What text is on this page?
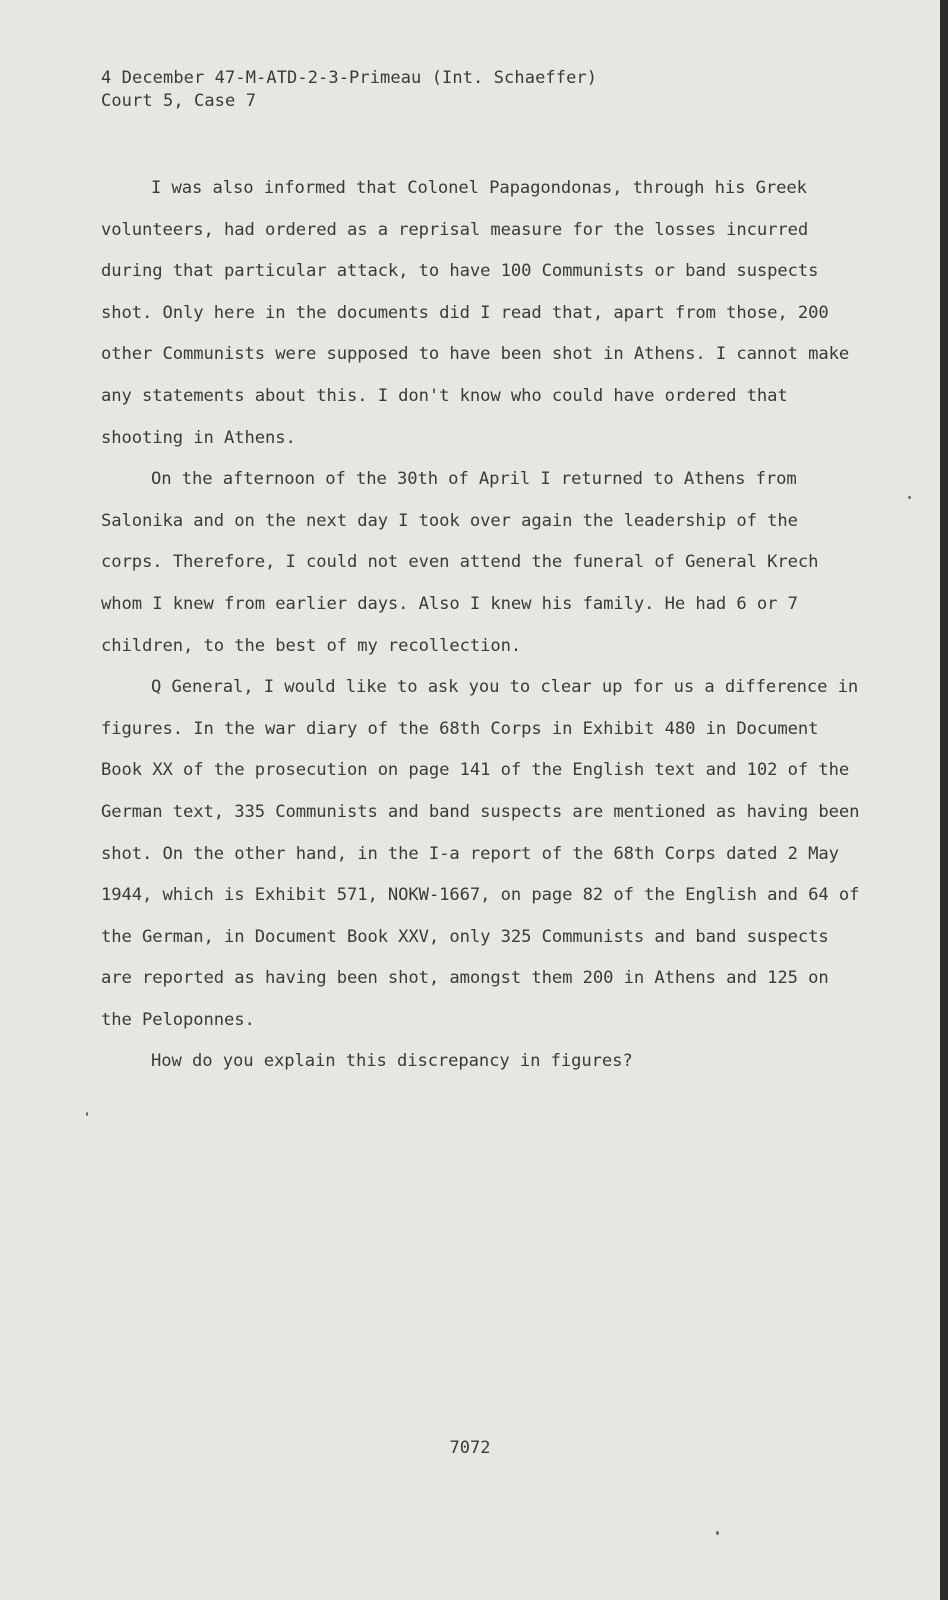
4 December 47-M-ATD-2-3-Primeau (Int. Schaeffer)
Court 5, Case 7

I was also informed that Colonel Papagondonas, through his Greek volunteers, had ordered as a reprisal measure for the losses incurred during that particular attack, to have 100 Communists or band suspects shot. Only here in the documents did I read that, apart from those, 200 other Communists were supposed to have been shot in Athens. I cannot make any statements about this. I don't know who could have ordered that shooting in Athens.

On the afternoon of the 30th of April I returned to Athens from Salonika and on the next day I took over again the leadership of the corps. Therefore, I could not even attend the funeral of General Krech whom I knew from earlier days. Also I knew his family. He had 6 or 7 children, to the best of my recollection.

Q General, I would like to ask you to clear up for us a difference in figures. In the war diary of the 68th Corps in Exhibit 480 in Document Book XX of the prosecution on page 141 of the English text and 102 of the German text, 335 Communists and band suspects are mentioned as having been shot. On the other hand, in the I-a report of the 68th Corps dated 2 May 1944, which is Exhibit 571, NOKW-1667, on page 82 of the English and 64 of the German, in Document Book XXV, only 325 Communists and band suspects are reported as having been shot, amongst them 200 in Athens and 125 on the Peloponnes.

How do you explain this discrepancy in figures?

7072
